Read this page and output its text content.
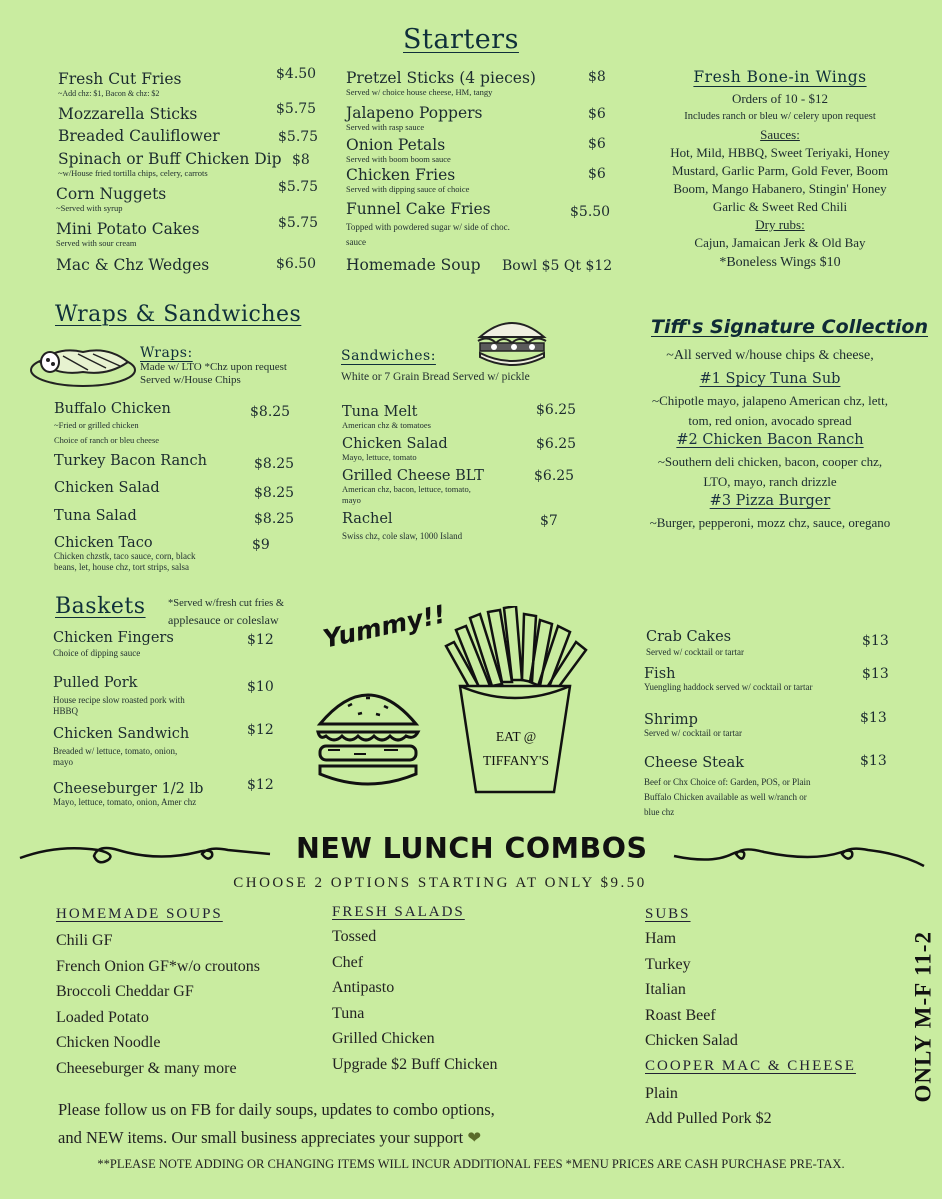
Starters
Fresh Cut Fries	$4.50
~Add chz: $1, Bacon & chz: $2
Mozzarella Sticks	$5.75
Breaded Cauliflower	$5.75
Spinach or Buff Chicken Dip $8
~w/House fried tortilla chips, celery, carrots
Corn Nuggets	$5.75
~Served with syrup
Mini Potato Cakes	$5.75
Served with sour cream
Mac & Chz Wedges	$6.50
Pretzel Sticks (4 pieces)	$8
Served w/ choice house cheese, HM, tangy
Jalapeno Poppers	$6
Served with rasp sauce
Onion Petals	$6
Served with boom boom sauce
Chicken Fries	$6
Served with dipping sauce of choice
Funnel Cake Fries	$5.50
Topped with powdered sugar w/ side of choc. sauce
Homemade Soup	Bowl $5 Qt $12
Fresh Bone-in Wings
Orders of 10 - $12
Includes ranch or bleu w/ celery upon request
Sauces:
Hot, Mild, HBBQ, Sweet Teriyaki, Honey
Mustard, Garlic Parm, Gold Fever, Boom
Boom, Mango Habanero, Stingin' Honey
Garlic & Sweet Red Chili
Dry rubs:
Cajun, Jamaican Jerk & Old Bay
*Boneless Wings $10
Wraps & Sandwiches
Wraps:
Made w/ LTO *Chz upon request
Served w/House Chips
Buffalo Chicken	$8.25
~Fried or grilled chicken
Choice of ranch or bleu cheese
Turkey Bacon Ranch	$8.25
Chicken Salad	$8.25
Tuna Salad	$8.25
Chicken Taco	$9
Chicken chzstk, taco sauce, corn, black
beans, let, house chz, tort strips, salsa
Sandwiches:
White or 7 Grain Bread Served w/ pickle
Tuna Melt	$6.25
American chz & tomatoes
Chicken Salad	$6.25
Mayo, lettuce, tomato
Grilled Cheese BLT	$6.25
American chz, bacon, lettuce, tomato,
mayo
Rachel	$7
Swiss chz, cole slaw, 1000 Island
Tiff's Signature Collection
~All served w/house chips & cheese,
#1 Spicy Tuna Sub
~Chipotle mayo, jalapeno American chz, lett,
tom, red onion, avocado spread
#2 Chicken Bacon Ranch
~Southern deli chicken, bacon, cooper chz,
LTO, mayo, ranch drizzle
#3 Pizza Burger
~Burger, pepperoni, mozz chz, sauce, oregano
Baskets *Served w/fresh cut fries &
applesauce or coleslaw
Chicken Fingers	$12
Choice of dipping sauce
Pulled Pork	$10
House recipe slow roasted pork with
HBBQ
Chicken Sandwich	$12
Breaded w/ lettuce, tomato, onion,
mayo
Cheeseburger 1/2 lb	$12
Mayo, lettuce, tomato, onion, Amer chz
Yummy!!
EAT @
TIFFANY'S
Crab Cakes	$13
Served w/ cocktail or tartar
Fish	$13
Yuengling haddock served w/ cocktail or tartar
Shrimp	$13
Served w/ cocktail or tartar
Cheese Steak	$13
Beef or Chx Choice of: Garden, POS, or Plain
Buffalo Chicken available as well w/ranch or
blue chz
NEW LUNCH COMBOS
CHOOSE 2 OPTIONS STARTING AT ONLY $9.50
HOMEMADE SOUPS
Chili GF
French Onion GF*w/o croutons
Broccoli Cheddar GF
Loaded Potato
Chicken Noodle
Cheeseburger & many more
FRESH SALADS
Tossed
Chef
Antipasto
Tuna
Grilled Chicken
Upgrade $2 Buff Chicken
SUBS
Ham
Turkey
Italian
Roast Beef
Chicken Salad
COOPER MAC & CHEESE
Plain
Add Pulled Pork $2
Please follow us on FB for daily soups, updates to combo options,
and NEW items. Our small business appreciates your support ❤
ONLY M-F 11-2
**PLEASE NOTE ADDING OR CHANGING ITEMS WILL INCUR ADDITIONAL FEES *MENU PRICES ARE CASH PURCHASE PRE-TAX.
